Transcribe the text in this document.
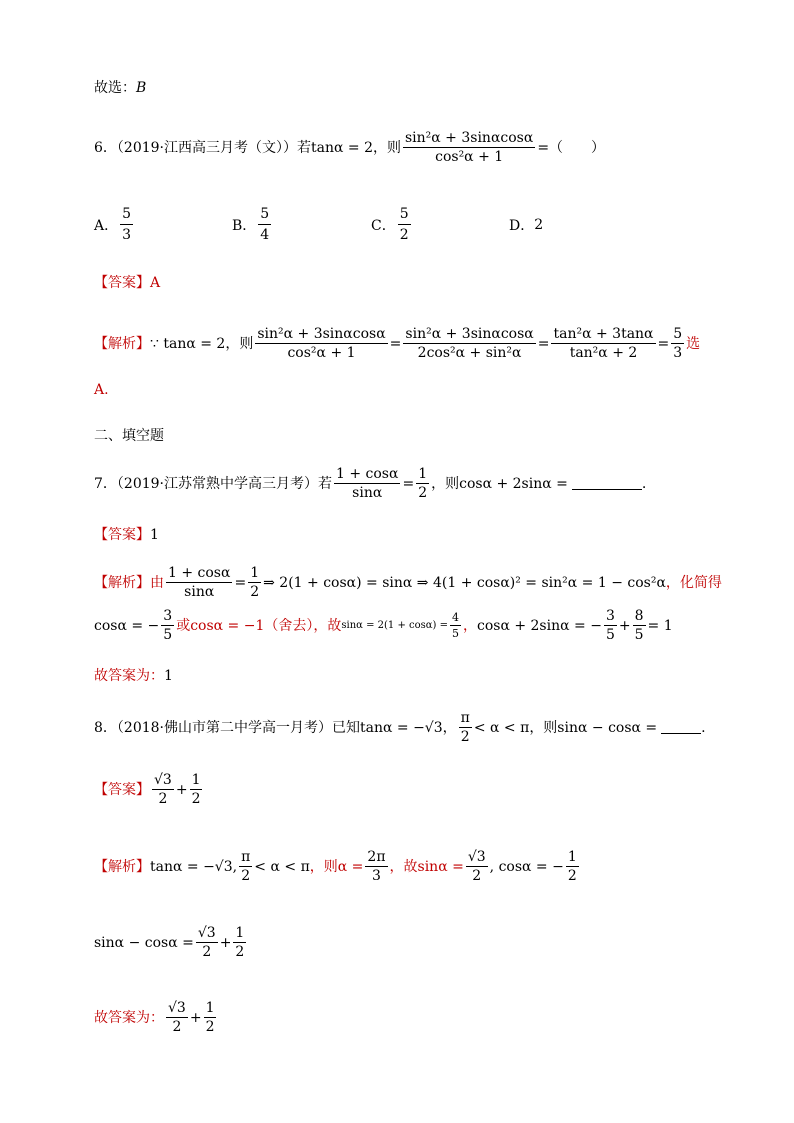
故选： B
6．（2019·江西高三月考（文））若 tanα = 2 ，则 $\frac{\text{sin²α + 3sinαcosα}}{\text{cos²α + 1}}$ =（　　）
A． $\frac{5}{3}$	B． $\frac{5}{4}$	C． $\frac{5}{2}$	D． 2
【答案】 A
【解析】 ∵ tanα = 2，则 $\frac{\text{sin²α + 3sinαcosα}}{\text{cos²α + 1}} = \frac{\text{sin²α + 3sinαcosα}}{\text{2cos²α + sin²α}} = \frac{\text{tan²α + 3tanα}}{\text{tan²α + 2}} = \frac{5}{3}$ 选
A.
二、填空题
7．（2019·江苏常熟中学高三月考）若 $\frac{1 + \cos\alpha}{\sin\alpha} = \frac{1}{2}$ ，则cosα + 2sinα =	.
【答案】 1
【解析】 由 $\frac{1 + \cos\alpha}{\sin\alpha} = \frac{1}{2}$ ⇒ 2(1 + cosα) = sinα ⇒ 4(1 + cosα)² = sin²α = 1 − cos²α ，化简得
cosα = − $\frac{3}{5}$ 或cosα = −1（舍去），故 $\sin\alpha = 2(1 + \cos\alpha) = \frac{4}{5}$ ， cosα + 2sinα = − $\frac{3}{5} + \frac{8}{5} = 1$
故答案为： 1
8．（2018·佛山市第二中学高一月考）已知 tanα = −√3 ， $\frac{\pi}{2} < \alpha < \pi$ ，则sinα − cosα =	.
【答案】 $\frac{√3}{2} + \frac{1}{2}$
【解析】 tanα = −√3, $\frac{\pi}{2} < \alpha < \pi$ ，则$\alpha = \frac{2\pi}{3}$ ，故$\sin\alpha = \frac{√3}{2}$ , cosα = − $\frac{1}{2}$
$\sin\alpha - \cos\alpha = \frac{√3}{2} + \frac{1}{2}$
故答案为： $\frac{√3}{2} + \frac{1}{2}$
